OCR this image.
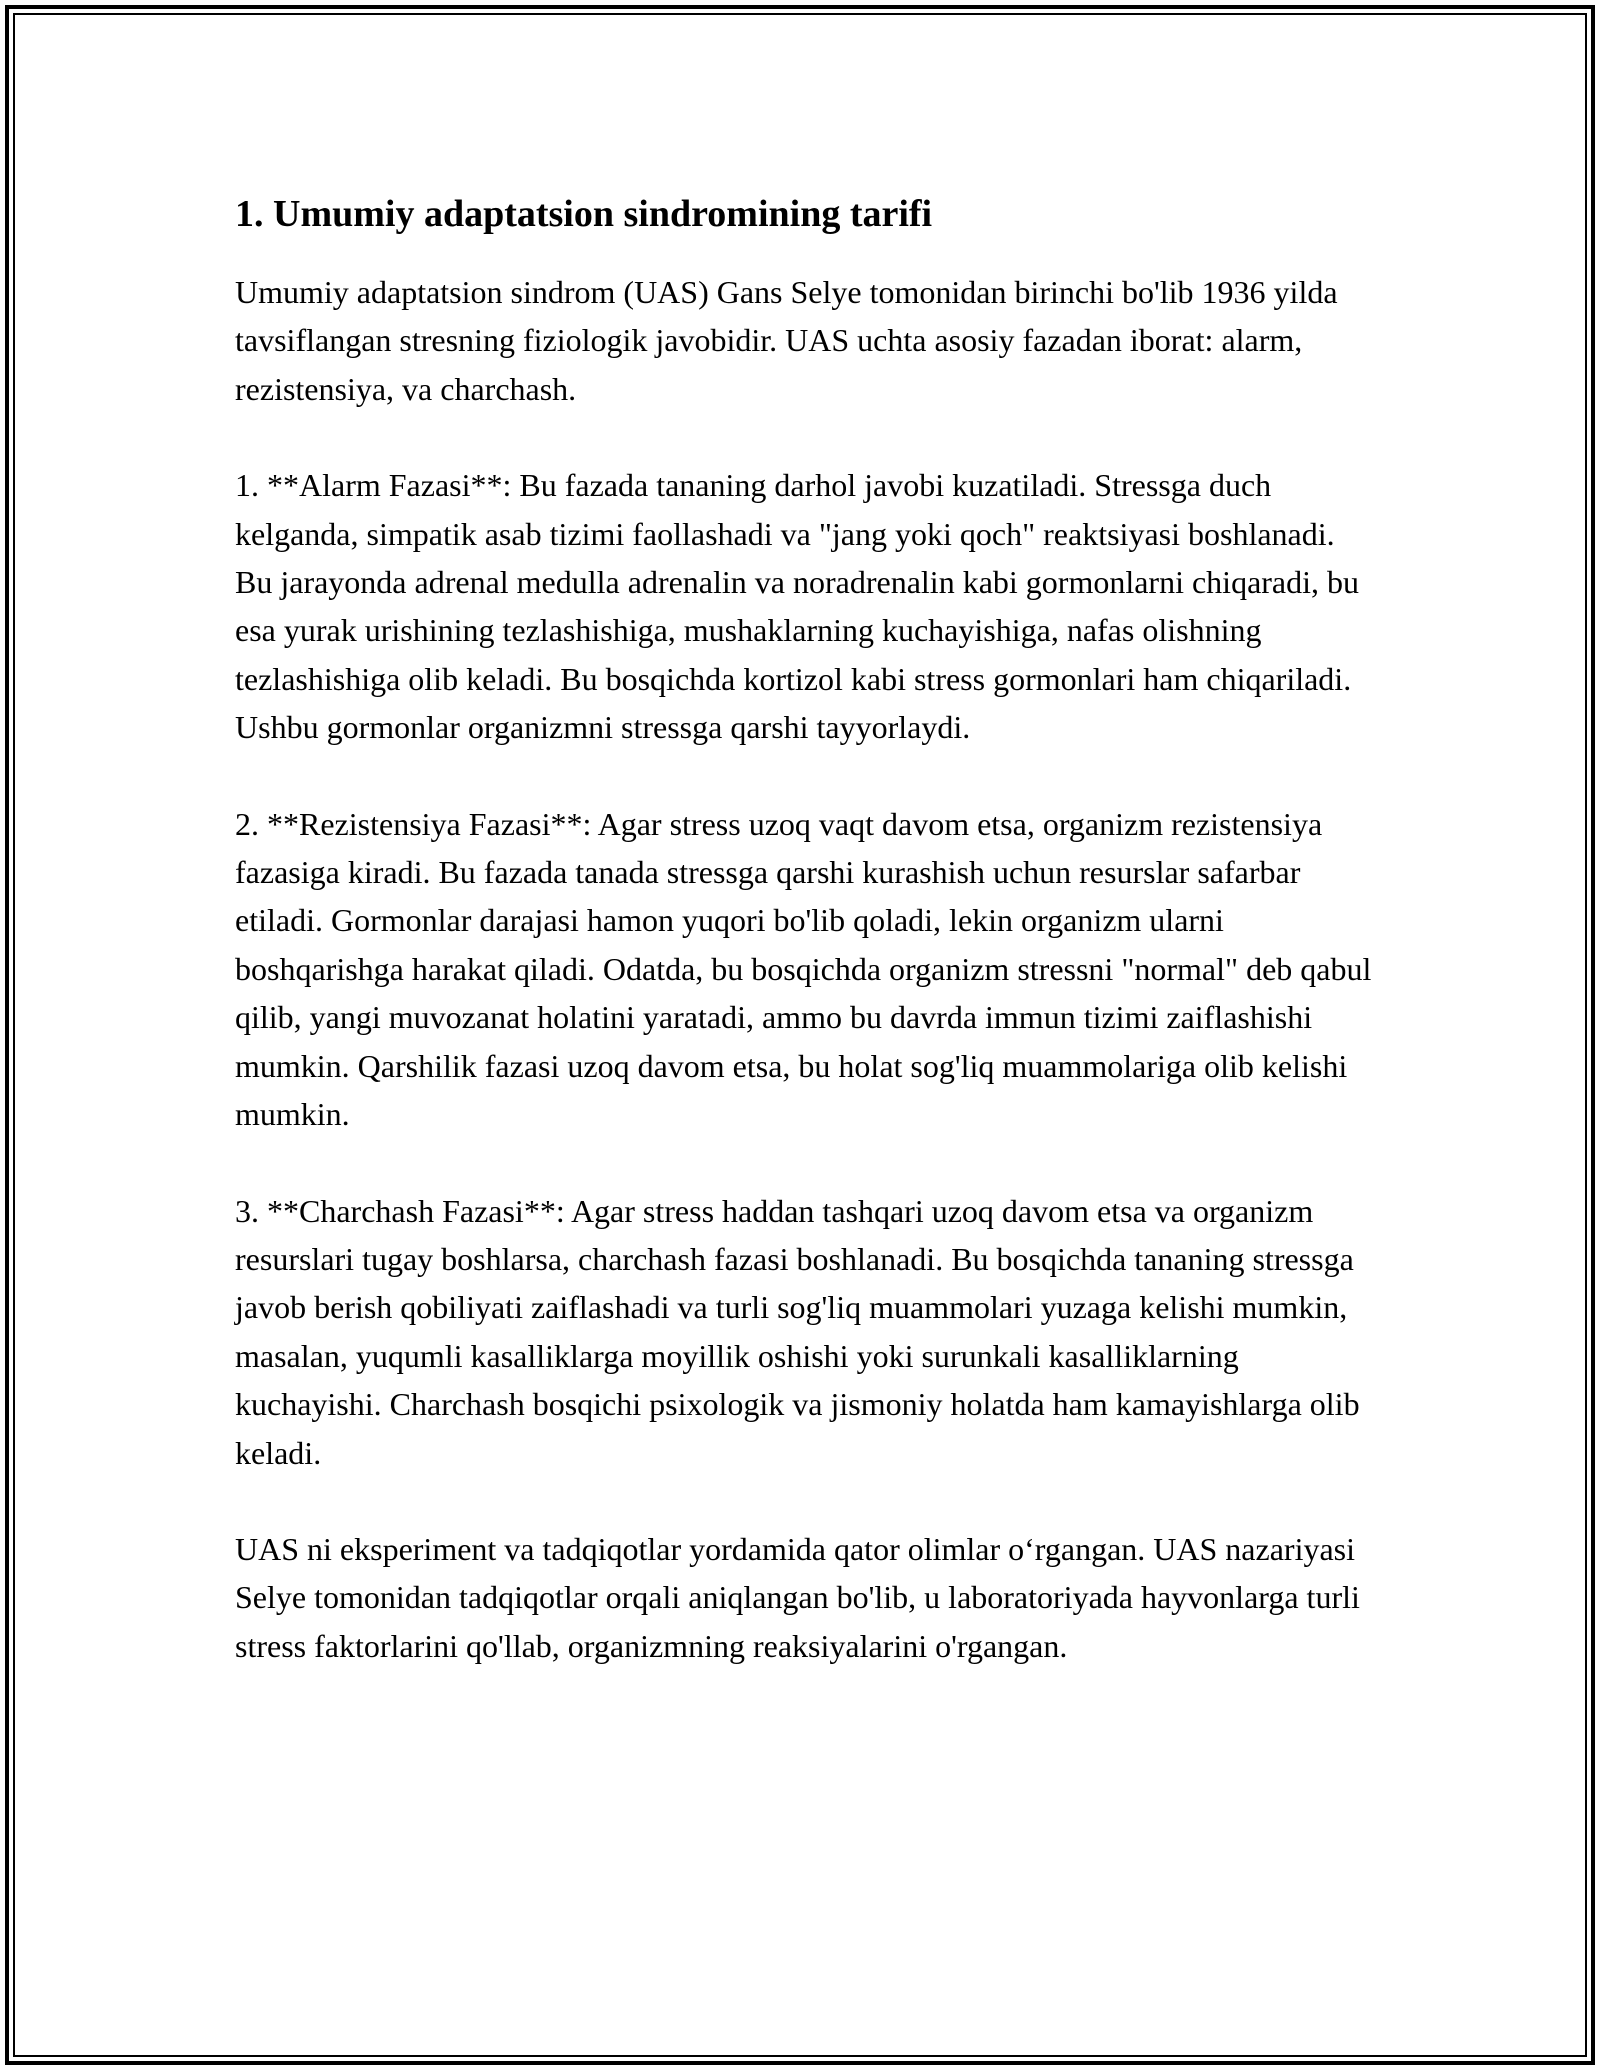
1. Umumiy adaptatsion sindromining tarifi

Umumiy adaptatsion sindrom (UAS) Gans Selye tomonidan birinchi bo'lib 1936 yilda tavsiflangan stresning fiziologik javobidir. UAS uchta asosiy fazadan iborat: alarm, rezistensiya, va charchash.

1. **Alarm Fazasi**: Bu fazada tananing darhol javobi kuzatiladi. Stressga duch kelganda, simpatik asab tizimi faollashadi va "jang yoki qoch" reaktsiyasi boshlanadi. Bu jarayonda adrenal medulla adrenalin va noradrenalin kabi gormonlarni chiqaradi, bu esa yurak urishining tezlashishiga, mushaklarning kuchayishiga, nafas olishning tezlashishiga olib keladi. Bu bosqichda kortizol kabi stress gormonlari ham chiqariladi. Ushbu gormonlar organizmni stressga qarshi tayyorlaydi.

2. **Rezistensiya Fazasi**: Agar stress uzoq vaqt davom etsa, organizm rezistensiya fazasiga kiradi. Bu fazada tanada stressga qarshi kurashish uchun resurslar safarbar etiladi. Gormonlar darajasi hamon yuqori bo'lib qoladi, lekin organizm ularni boshqarishga harakat qiladi. Odatda, bu bosqichda organizm stressni "normal" deb qabul qilib, yangi muvozanat holatini yaratadi, ammo bu davrda immun tizimi zaiflashishi mumkin. Qarshilik fazasi uzoq davom etsa, bu holat sog'liq muammolariga olib kelishi mumkin.

3. **Charchash Fazasi**: Agar stress haddan tashqari uzoq davom etsa va organizm resurslari tugay boshlarsa, charchash fazasi boshlanadi. Bu bosqichda tananing stressga javob berish qobiliyati zaiflashadi va turli sog'liq muammolari yuzaga kelishi mumkin, masalan, yuqumli kasalliklarga moyillik oshishi yoki surunkali kasalliklarning kuchayishi. Charchash bosqichi psixologik va jismoniy holatda ham kamayishlarga olib keladi.

UAS ni eksperiment va tadqiqotlar yordamida qator olimlar o‘rgangan. UAS nazariyasi Selye tomonidan tadqiqotlar orqali aniqlangan bo'lib, u laboratoriyada hayvonlarga turli stress faktorlarini qo'llab, organizmning reaksiyalarini o'rgangan.
